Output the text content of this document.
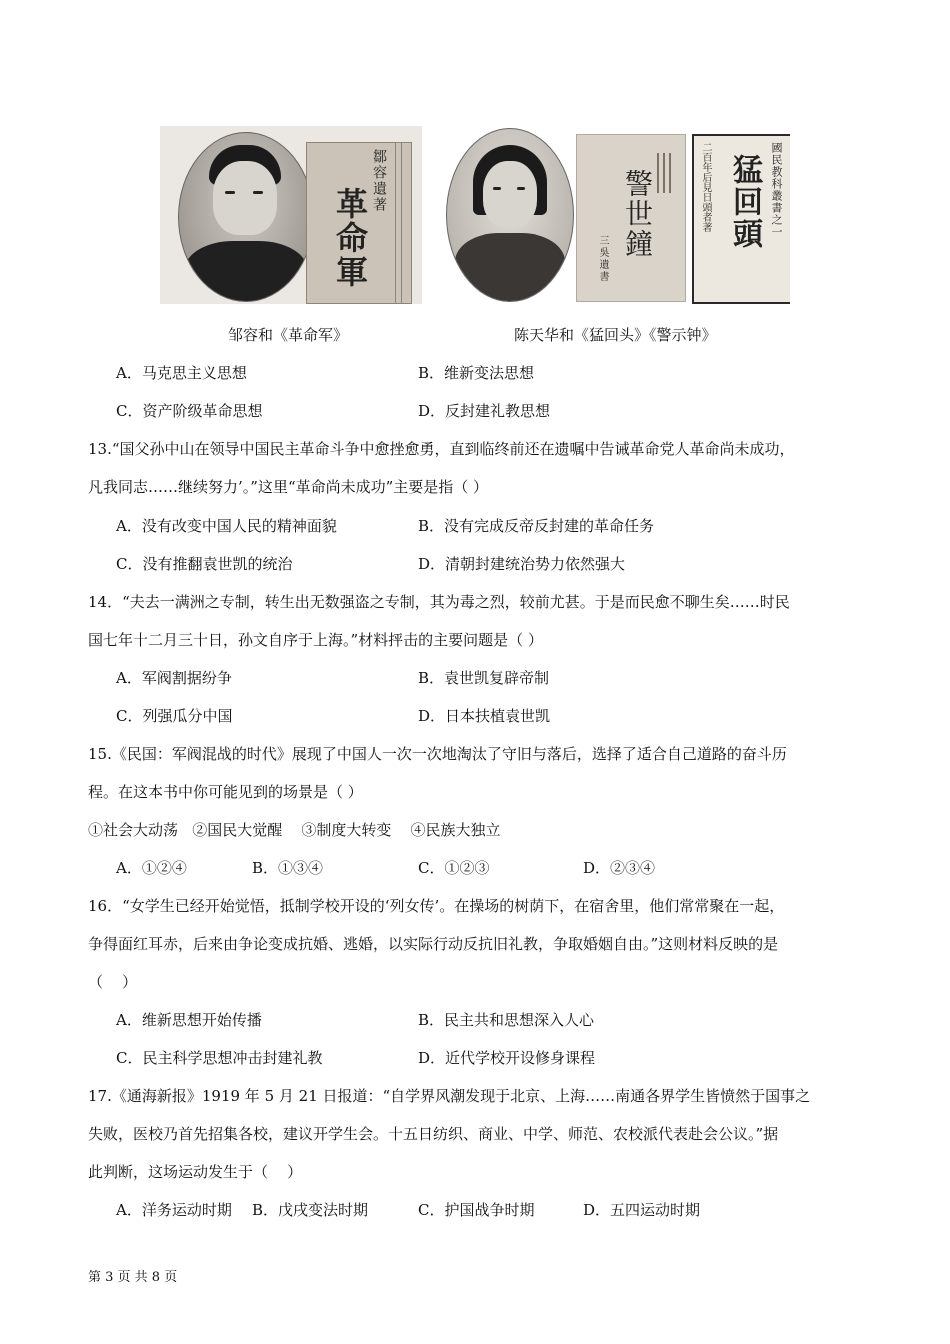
革命軍
鄒容遺著	警世鐘
三吳遺書
猛回頭 國民教科叢書之一
二百年后見日頭者著
邹容和《革命军》	陈天华和《猛回头》《警示钟》
A．马克思主义思想	B．维新变法思想
C．资产阶级革命思想	D．反封建礼教思想
13.“国父孙中山在领导中国民主革命斗争中愈挫愈勇，直到临终前还在遗嘱中告诫革命党人革命尚未成功，
凡我同志……继续努力’。”这里“革命尚未成功”主要是指（ ）
A．没有改变中国人民的精神面貌	B．没有完成反帝反封建的革命任务
C．没有推翻袁世凯的统治	D．清朝封建统治势力依然强大
14．“夫去一满洲之专制，转生出无数强盗之专制，其为毒之烈，较前尤甚。于是而民愈不聊生矣……时民
国七年十二月三十日，孙文自序于上海。”材料抨击的主要问题是（ ）
A．军阀割据纷争	B．袁世凯复辟帝制
C．列强瓜分中国	D．日本扶植袁世凯
15.《民国：军阀混战的时代》展现了中国人一次一次地淘汰了守旧与落后，选择了适合自己道路的奋斗历
程。在这本书中你可能见到的场景是（ ）
①社会大动荡   ②国民大觉醒    ③制度大转变    ④民族大独立
A．①②④	B．①③④	C．①②③	D．②③④
16．“女学生已经开始觉悟，抵制学校开设的‘列女传’。在操场的树荫下，在宿舍里，他们常常聚在一起，
争得面红耳赤，后来由争论变成抗婚、逃婚，以实际行动反抗旧礼教，争取婚姻自由。”这则材料反映的是
（    ）
A．维新思想开始传播	B．民主共和思想深入人心
C．民主科学思想冲击封建礼教	D．近代学校开设修身课程
17.《通海新报》1919 年 5 月 21 日报道：“自学界风潮发现于北京、上海……南通各界学生皆愤然于国事之
失败，医校乃首先招集各校，建议开学生会。十五日纺织、商业、中学、师范、农校派代表赴会公议。”据
此判断，这场运动发生于（    ）
A．洋务运动时期 B．戊戌变法时期	C．护国战争时期	D．五四运动时期
第 3 页 共 8 页
